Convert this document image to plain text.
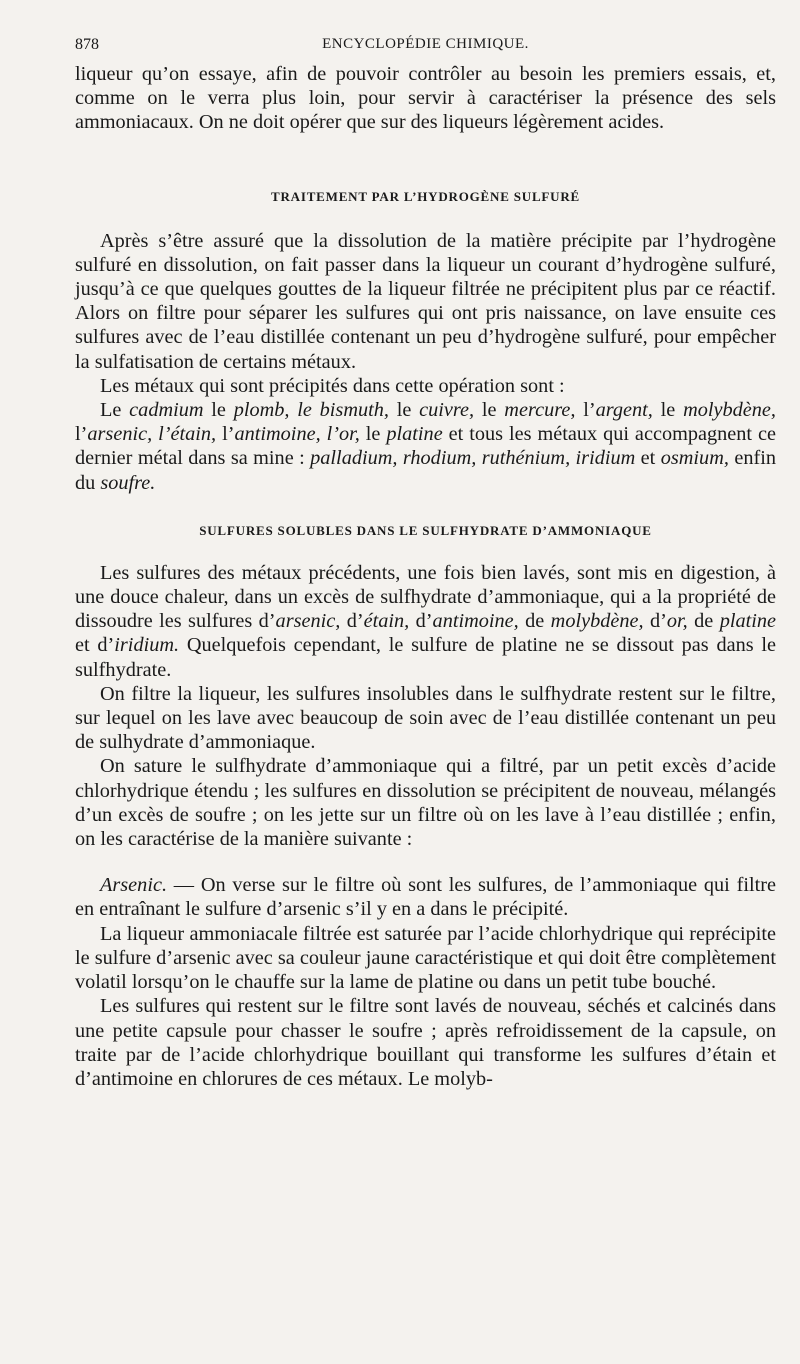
878	ENCYCLOPÉDIE CHIMIQUE.

liqueur qu’on essaye, afin de pouvoir contrôler au besoin les premiers essais, et, comme on le verra plus loin, pour servir à caractériser la présence des sels ammoniacaux. On ne doit opérer que sur des liqueurs légèrement acides.

TRAITEMENT PAR L’HYDROGÈNE SULFURÉ

Après s’être assuré que la dissolution de la matière précipite par l’hydrogène sulfuré en dissolution, on fait passer dans la liqueur un courant d’hydrogène sulfuré, jusqu’à ce que quelques gouttes de la liqueur filtrée ne précipitent plus par ce réactif. Alors on filtre pour séparer les sulfures qui ont pris naissance, on lave ensuite ces sulfures avec de l’eau distillée contenant un peu d’hydrogène sulfuré, pour empêcher la sulfatisation de certains métaux.

Les métaux qui sont précipités dans cette opération sont :

Le cadmium le plomb, le bismuth, le cuivre, le mercure, l’argent, le molybdène, l’arsenic, l’étain, l’antimoine, l’or, le platine et tous les métaux qui accompagnent ce dernier métal dans sa mine : palladium, rhodium, ruthénium, iridium et osmium, enfin du soufre.

SULFURES SOLUBLES DANS LE SULFHYDRATE D’AMMONIAQUE

Les sulfures des métaux précédents, une fois bien lavés, sont mis en digestion, à une douce chaleur, dans un excès de sulfhydrate d’ammoniaque, qui a la propriété de dissoudre les sulfures d’arsenic, d’étain, d’antimoine, de molybdène, d’or, de platine et d’iridium. Quelquefois cependant, le sulfure de platine ne se dissout pas dans le sulfhydrate.

On filtre la liqueur, les sulfures insolubles dans le sulfhydrate restent sur le filtre, sur lequel on les lave avec beaucoup de soin avec de l’eau distillée contenant un peu de sulhydrate d’ammoniaque.

On sature le sulfhydrate d’ammoniaque qui a filtré, par un petit excès d’acide chlorhydrique étendu ; les sulfures en dissolution se précipitent de nouveau, mélangés d’un excès de soufre ; on les jette sur un filtre où on les lave à l’eau distillée ; enfin, on les caractérise de la manière suivante :

Arsenic. — On verse sur le filtre où sont les sulfures, de l’ammoniaque qui filtre en entraînant le sulfure d’arsenic s’il y en a dans le précipité.

La liqueur ammoniacale filtrée est saturée par l’acide chlorhydrique qui reprécipite le sulfure d’arsenic avec sa couleur jaune caractéristique et qui doit être complètement volatil lorsqu’on le chauffe sur la lame de platine ou dans un petit tube bouché.

Les sulfures qui restent sur le filtre sont lavés de nouveau, séchés et calcinés dans une petite capsule pour chasser le soufre ; après refroidissement de la capsule, on traite par de l’acide chlorhydrique bouillant qui transforme les sulfures d’étain et d’antimoine en chlorures de ces métaux. Le molyb-
